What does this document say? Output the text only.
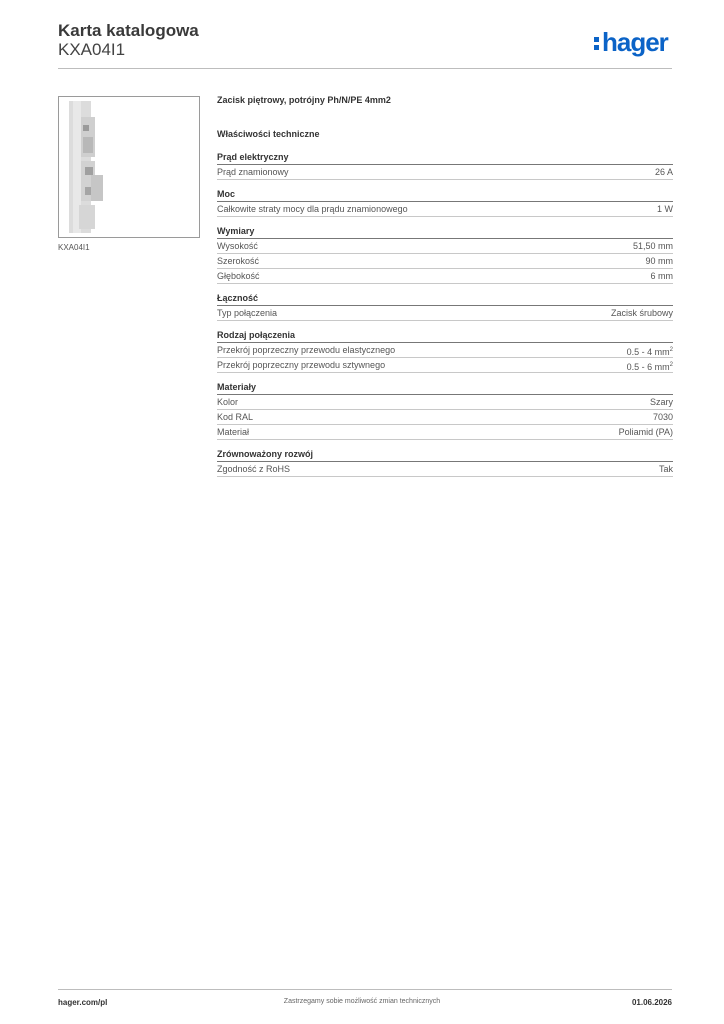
Karta katalogowa
KXA04I1	hager
KXA04I1
Zacisk piętrowy, potrójny Ph/N/PE 4mm2
Właściwości techniczne
Prąd elektryczny
Prąd znamionowy	26 A
Moc
Całkowite straty mocy dla prądu znamionowego	1 W
Wymiary
Wysokość	51,50 mm
Szerokość	90 mm
Głębokość	6 mm
Łączność
Typ połączenia	Zacisk śrubowy
Rodzaj połączenia
Przekrój poprzeczny przewodu elastycznego	0.5 - 4 $mm^2$
Przekrój poprzeczny przewodu sztywnego	0.5 - 6 $mm^2$
Materiały
Kolor	Szary
Kod RAL	7030
Materiał	Poliamid (PA)
Zrównoważony rozwój
Zgodność z RoHS	Tak
hager.com/pl	Zastrzegamy sobie możliwość zmian technicznych	01.06.2026
